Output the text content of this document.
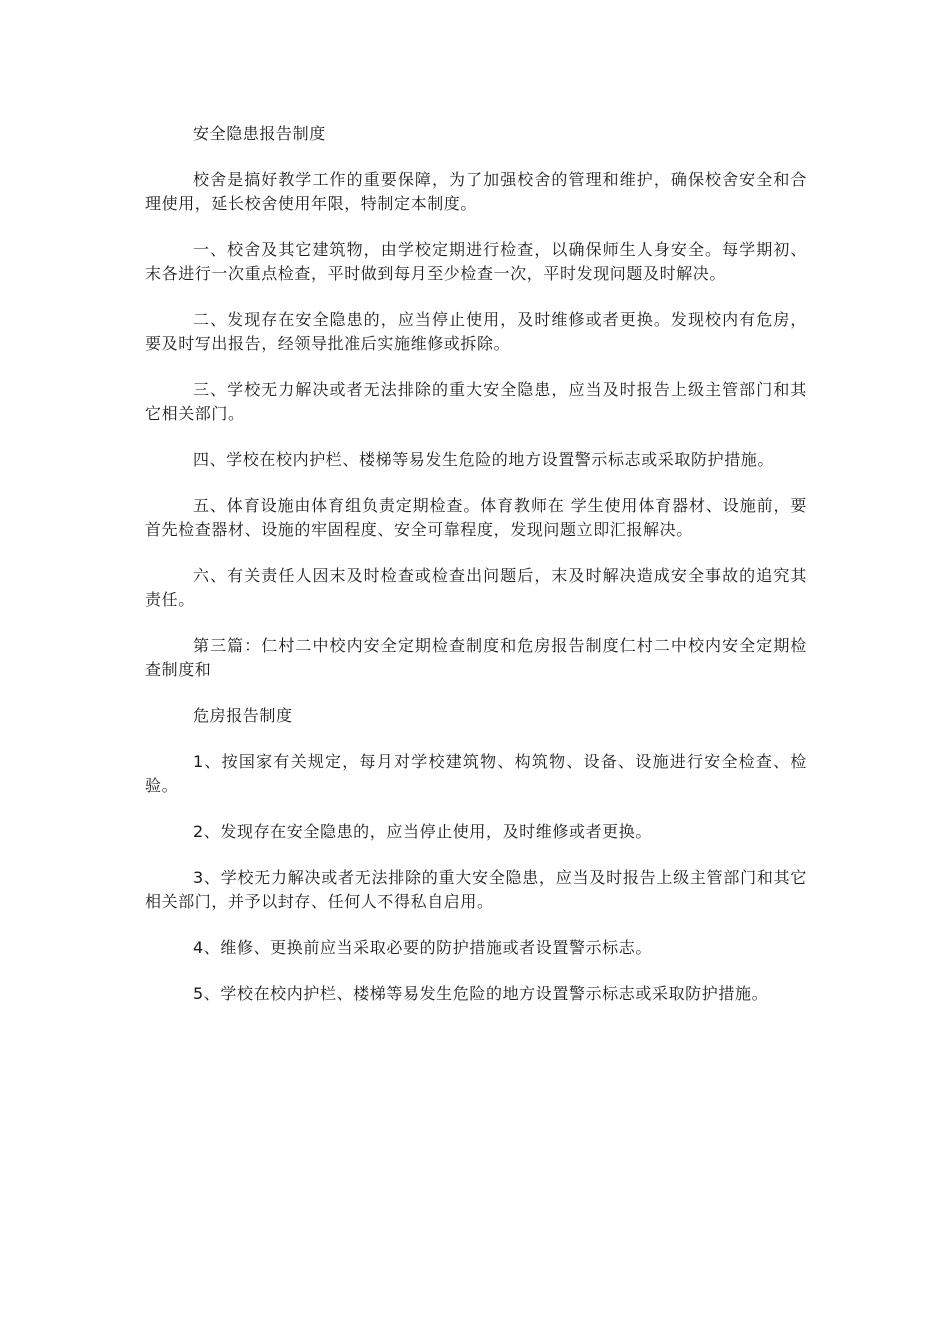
安全隐患报告制度

校舍是搞好教学工作的重要保障，为了加强校舍的管理和维护，确保校舍安全和合理使用，延长校舍使用年限，特制定本制度。

一、校舍及其它建筑物，由学校定期进行检查，以确保师生人身安全。每学期初、末各进行一次重点检查，平时做到每月至少检查一次，平时发现问题及时解决。

二、发现存在安全隐患的，应当停止使用，及时维修或者更换。发现校内有危房，要及时写出报告，经领导批准后实施维修或拆除。

三、学校无力解决或者无法排除的重大安全隐患，应当及时报告上级主管部门和其它相关部门。

四、学校在校内护栏、楼梯等易发生危险的地方设置警示标志或采取防护措施。

五、体育设施由体育组负责定期检查。体育教师在 学生使用体育器材、设施前，要首先检查器材、设施的牢固程度、安全可靠程度，发现问题立即汇报解决。

六、有关责任人因末及时检查或检查出问题后，末及时解决造成安全事故的追究其责任。

第三篇：仁村二中校内安全定期检查制度和危房报告制度仁村二中校内安全定期检查制度和

危房报告制度

1、按国家有关规定，每月对学校建筑物、构筑物、设备、设施进行安全检查、检验。

2、发现存在安全隐患的，应当停止使用，及时维修或者更换。

3、学校无力解决或者无法排除的重大安全隐患，应当及时报告上级主管部门和其它相关部门，并予以封存、任何人不得私自启用。

4、维修、更换前应当采取必要的防护措施或者设置警示标志。

5、学校在校内护栏、楼梯等易发生危险的地方设置警示标志或采取防护措施。
